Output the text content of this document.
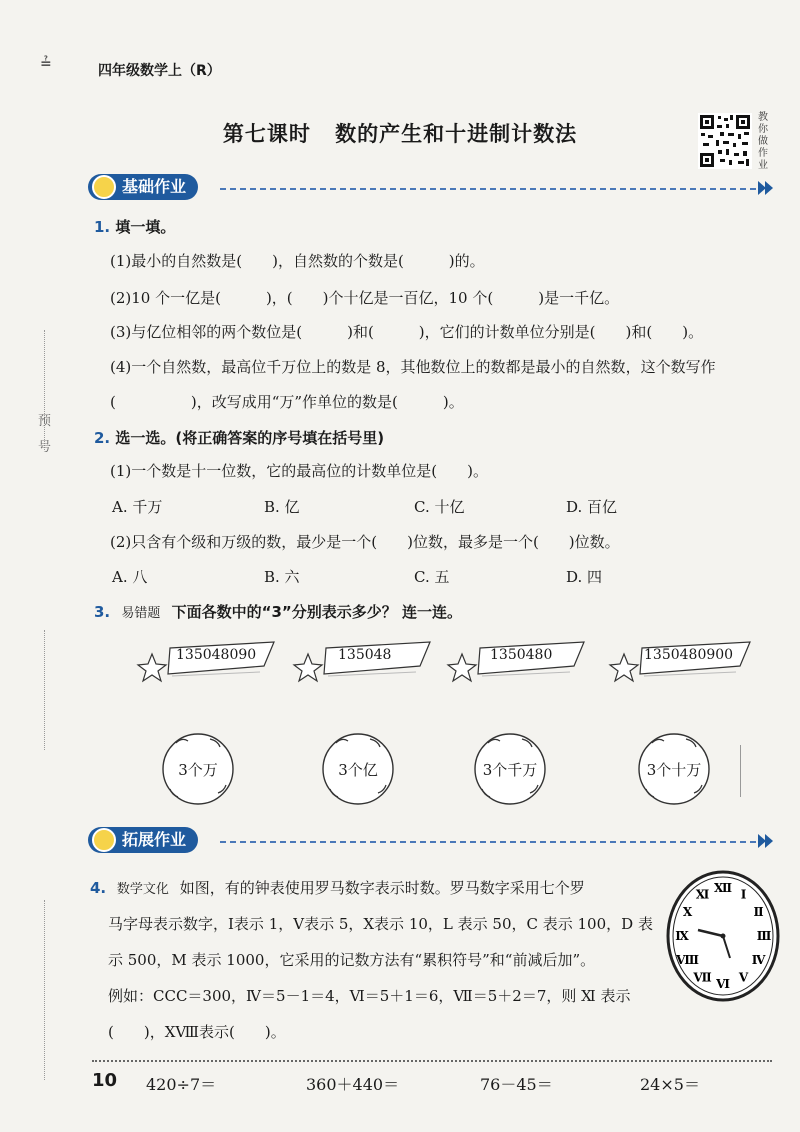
预
号
≟	四年级数学上（R）
第七课时 数的产生和十进制计数法
教你做作业
基础作业
1. 填一填。
(1)最小的自然数是(　　)，自然数的个数是(　　　)的。
(2)10 个一亿是(　　　)，(　　)个十亿是一百亿，10 个(　　　)是一千亿。
(3)与亿位相邻的两个数位是(　　　)和(　　　)，它们的计数单位分别是(　　)和(　　)。
(4)一个自然数，最高位千万位上的数是 8，其他数位上的数都是最小的自然数，这个数写作
(　　　　　)，改写成用“万”作单位的数是(　　　)。
2. 选一选。(将正确答案的序号填在括号里)
(1)一个数是十一位数，它的最高位的计数单位是(　　)。
A. 千万	B. 亿	C. 十亿	D. 百亿
(2)只含有个级和万级的数，最少是一个(　　)位数，最多是一个(　　)位数。
A. 八	B. 六	C. 五	D. 四
3. 易错题 下面各数中的“3”分别表示多少？ 连一连。
135048090	135048	1350480	1350480900
3个万	3个亿	3个千万	3个十万
拓展作业
4. 数学文化 如图，有的钟表使用罗马数字表示时数。罗马数字采用七个罗
马字母表示数字，Ⅰ表示 1，Ⅴ表示 5，Ⅹ表示 10，L 表示 50，C 表示 100，D 表
示 500，M 表示 1000，它采用的记数方法有“累积符号”和“前减后加”。
例如：CCC＝300，Ⅳ＝5－1＝4，Ⅵ＝5＋1＝6，Ⅶ＝5＋2＝7，则 Ⅺ 表示
(　　)，ⅩⅧ表示(　　)。
Ⅻ Ⅰ
Ⅱ
Ⅲ
Ⅳ
Ⅴ
Ⅵ
Ⅶ
Ⅷ
Ⅸ
Ⅹ
Ⅺ
10 420÷7＝	360＋440＝	76－45＝	24×5＝
